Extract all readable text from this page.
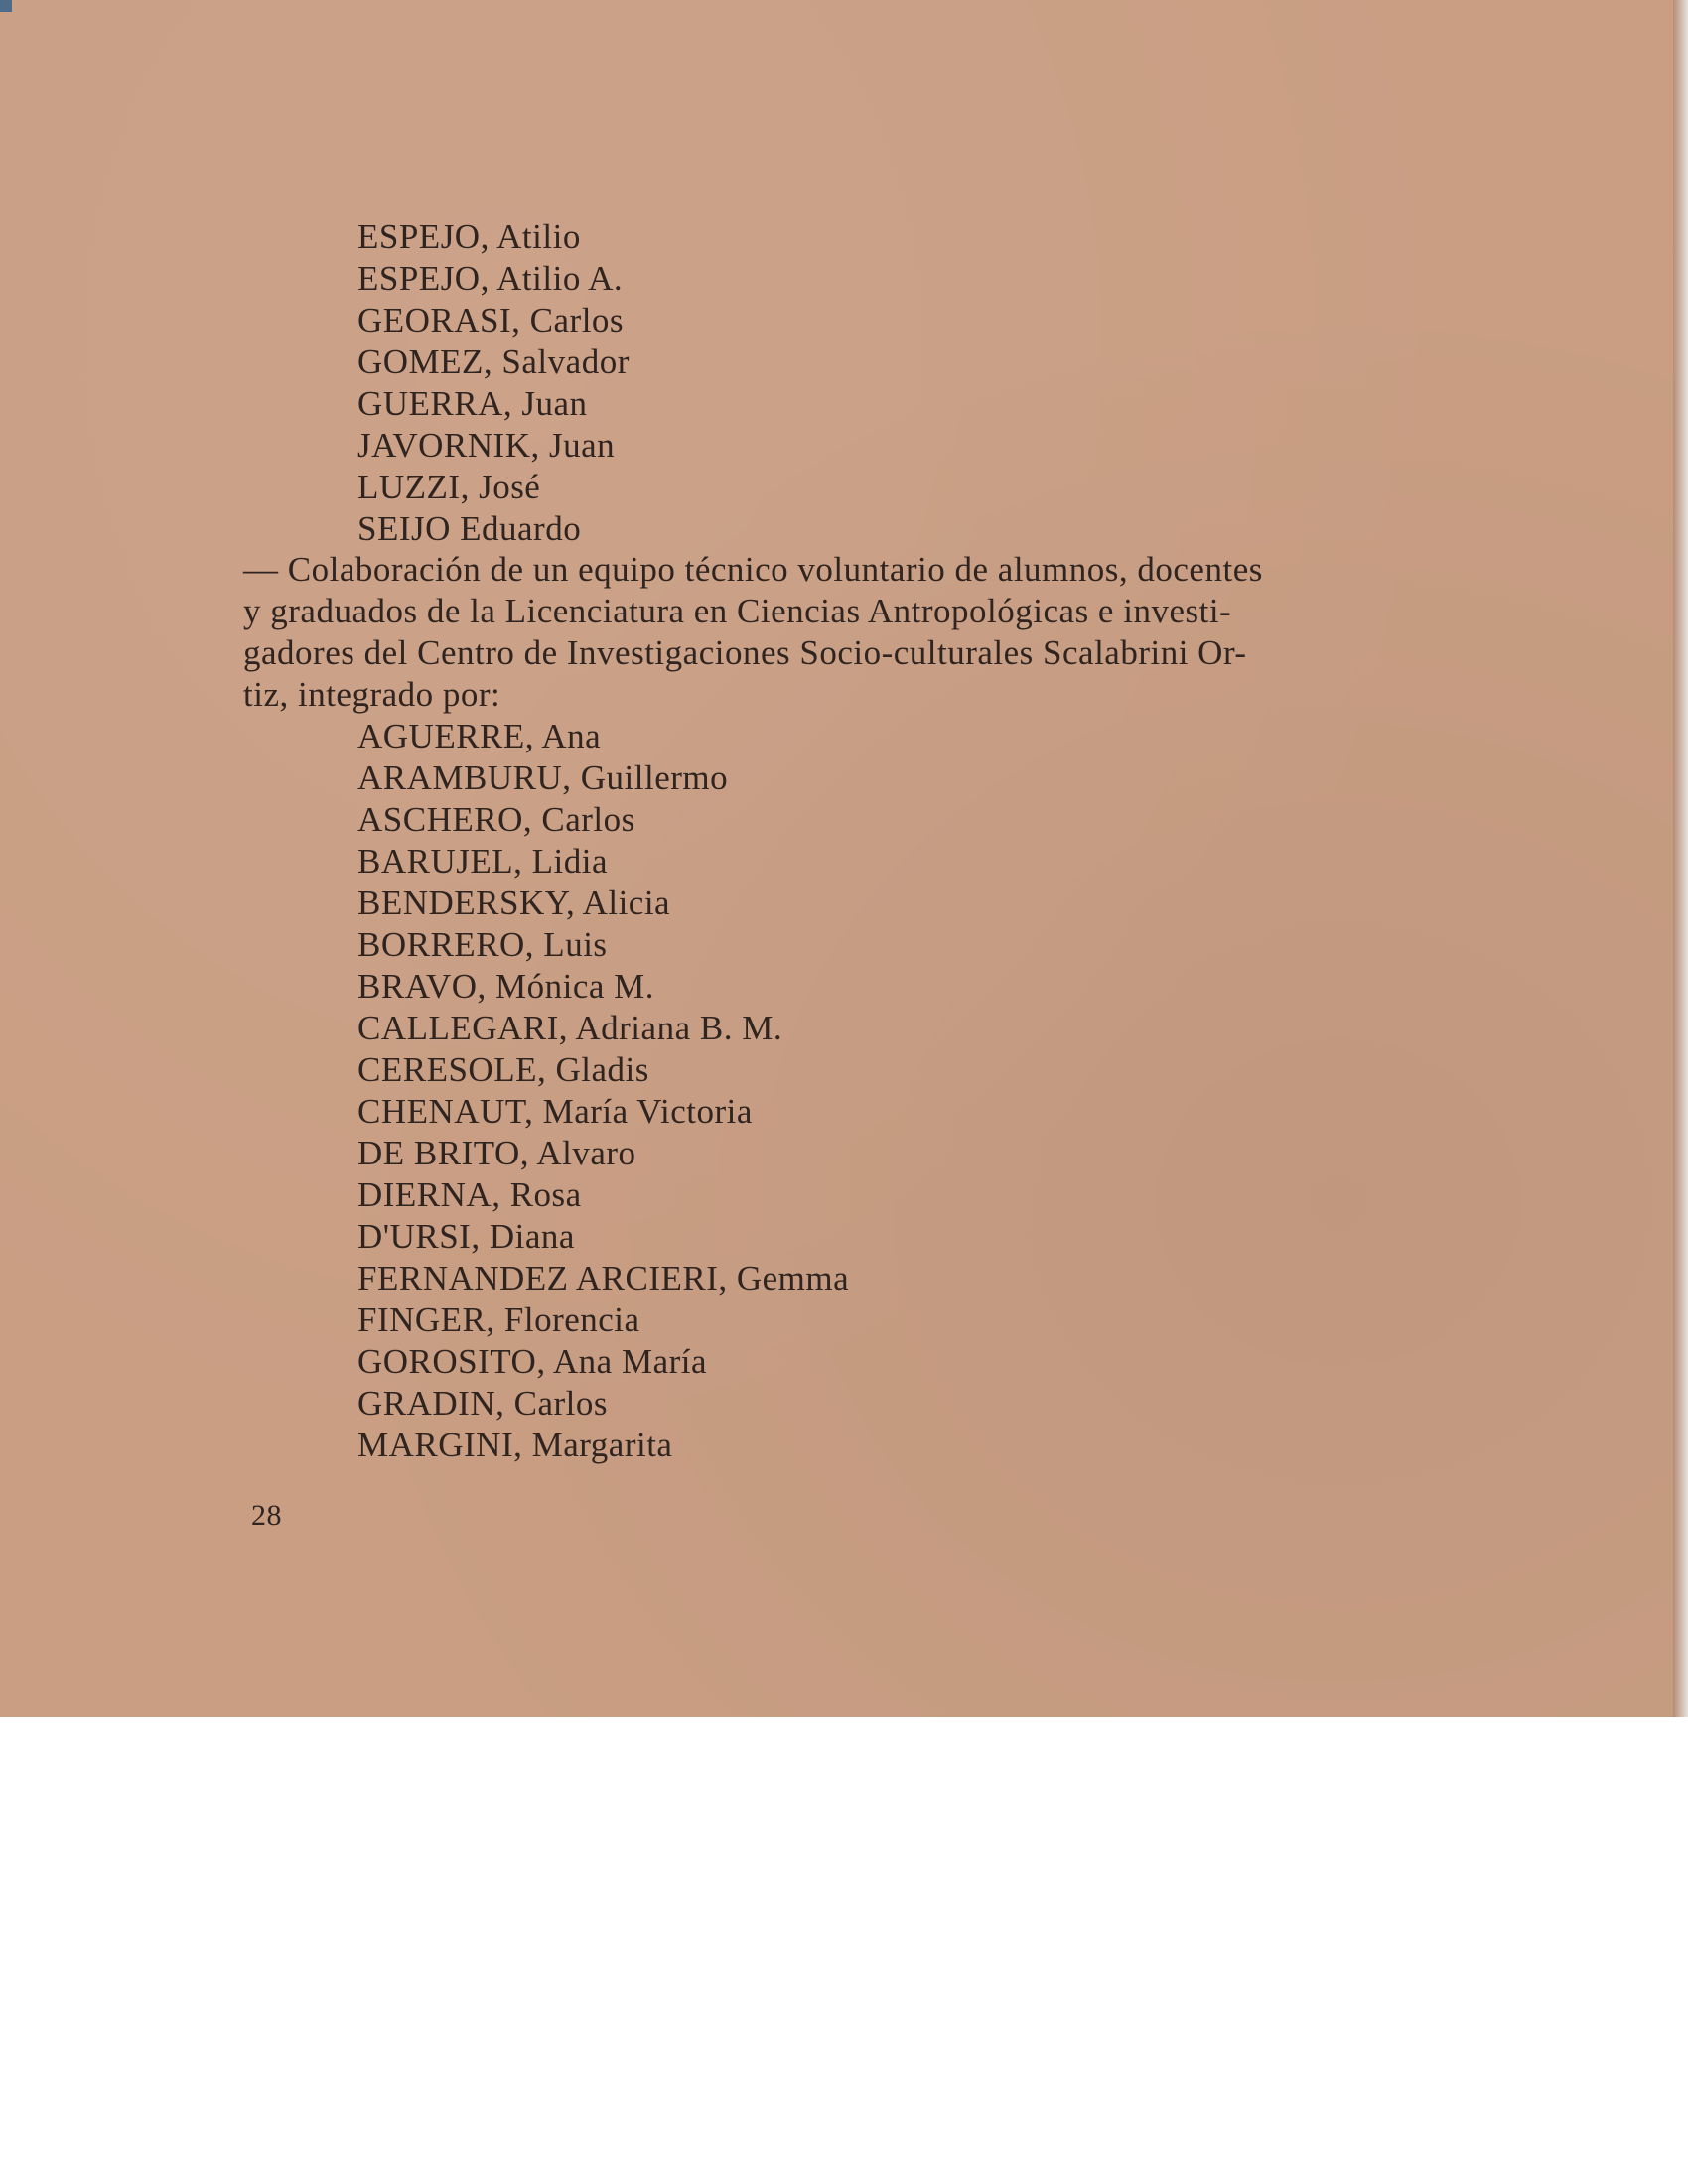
ESPEJO, Atilio
ESPEJO, Atilio A.
GEORASI, Carlos
GOMEZ, Salvador
GUERRA, Juan
JAVORNIK, Juan
LUZZI, José
SEIJO Eduardo

— Colaboración de un equipo técnico voluntario de alumnos, docentes
y graduados de la Licenciatura en Ciencias Antropológicas e investi-
gadores del Centro de Investigaciones Socio-culturales Scalabrini Or-
tiz, integrado por:

AGUERRE, Ana
ARAMBURU, Guillermo
ASCHERO, Carlos
BARUJEL, Lidia
BENDERSKY, Alicia
BORRERO, Luis
BRAVO, Mónica M.
CALLEGARI, Adriana B. M.
CERESOLE, Gladis
CHENAUT, María Victoria
DE BRITO, Alvaro
DIERNA, Rosa
D'URSI, Diana
FERNANDEZ ARCIERI, Gemma
FINGER, Florencia
GOROSITO, Ana María
GRADIN, Carlos
MARGINI, Margarita
28
